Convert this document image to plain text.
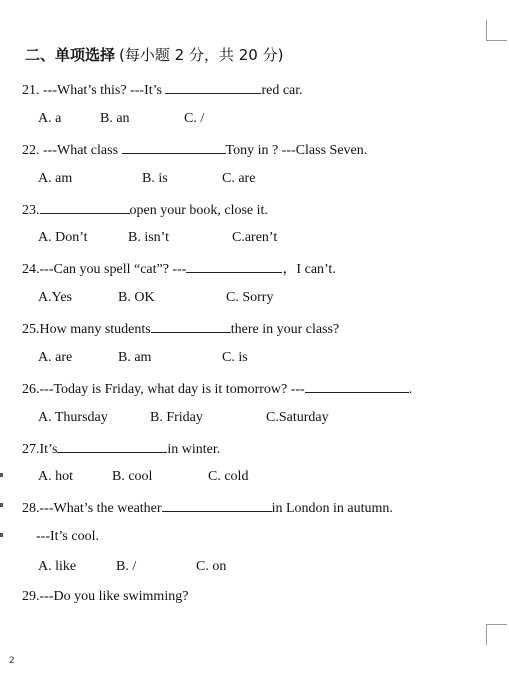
二、单项选择 (每小题 2 分，共 20 分)
21. ---What’s this? ---It’s	red car.
A. a	B. an	C. /
22. ---What class	Tony in ? ---Class Seven.
A. am	B. is	C. are
23.	open your book, close it.
A. Don’t	B. isn’t	C.aren’t
24.---Can you spell “cat”? ---	，I can’t.
A.Yes	B. OK	C. Sorry
25.How many students	there in your class?
A. are	B. am	C. is
26.---Today is Friday, what day is it tomorrow? ---	.
A. Thursday	B. Friday	C.Saturday
27.It’s	in winter.
A. hot	B. cool	C. cold
28.---What’s the weather	in London in autumn.
---It’s cool.
A. like	B. /	C. on
29.---Do you like swimming?
2
